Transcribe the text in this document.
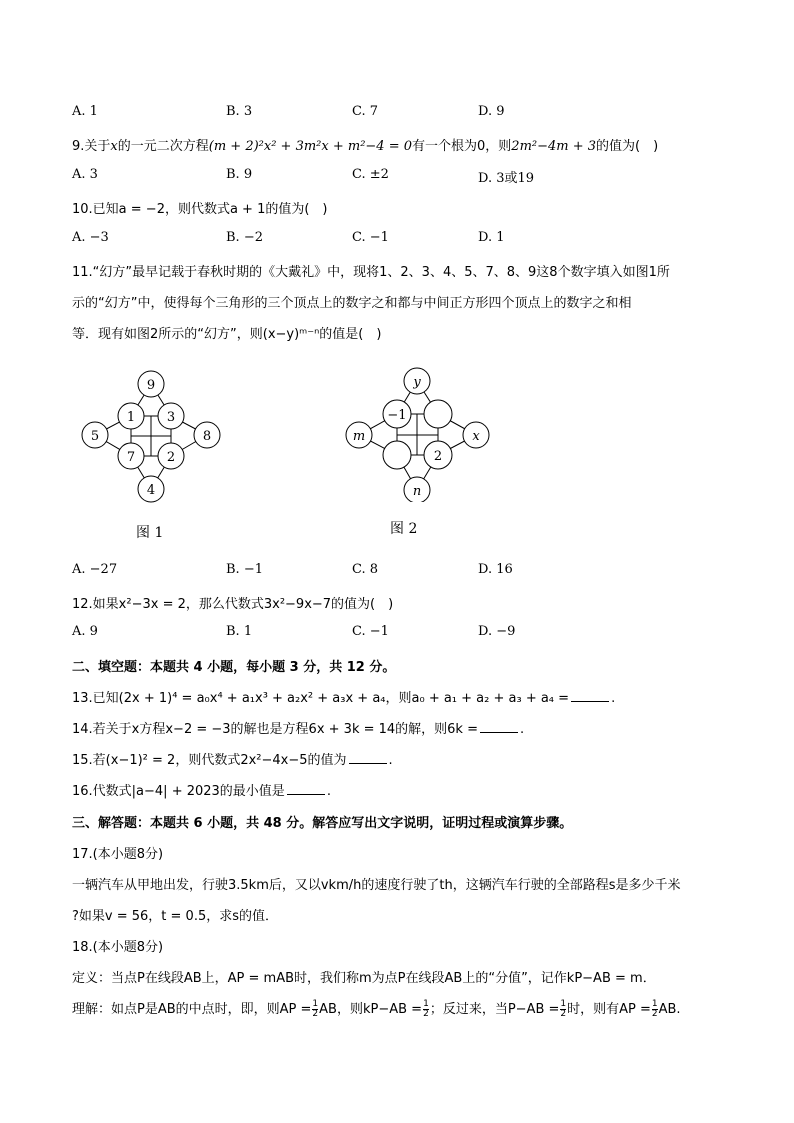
A. 1	B. 3	C. 7	D. 9
9.关于x的一元二次方程(m + 2)²x² + 3m²x + m²−4 = 0有一个根为0，则2m²−4m + 3的值为(　)
A. 3	B. 9	C. ±2	D. 3或19
10.已知a = −2，则代数式a + 1的值为(　)
A. −3	B. −2	C. −1	D. 1
11.“幻方”最早记载于春秋时期的《大戴礼》中，现将1、2、3、4、5、7、8、9这8个数字填入如图1所
示的“幻方”中，使得每个三角形的三个顶点上的数字之和都与中间正方形四个顶点上的数字之和相
等．现有如图2所示的“幻方”，则(x−y)ᵐ⁻ⁿ的值是(　)
9
1 3
5	8
7 2
4
图 1
y
−1
m	x
2
n
图 2
A. −27	B. −1	C. 8	D. 16
12.如果x²−3x = 2，那么代数式3x²−9x−7的值为(　)
A. 9	B. 1	C. −1	D. −9
二、填空题：本题共 4 小题，每小题 3 分，共 12 分。
13.已知(2x + 1)⁴ = a₀x⁴ + a₁x³ + a₂x² + a₃x + a₄，则a₀ + a₁ + a₂ + a₃ + a₄ =	.
14.若关于x方程x−2 = −3的解也是方程6x + 3k = 14的解，则6k =	.
15.若(x−1)² = 2，则代数式2x²−4x−5的值为	.
16.代数式|a−4| + 2023的最小值是	.
三、解答题：本题共 6 小题，共 48 分。解答应写出文字说明，证明过程或演算步骤。
17.(本小题8分)
一辆汽车从甲地出发，行驶3.5km后，又以vkm/h的速度行驶了th，这辆汽车行驶的全部路程s是多少千米
?如果v = 56，t = 0.5，求s的值．
18.(本小题8分)
定义：当点P在线段AB上，AP = mAB时，我们称m为点P在线段AB上的“分值”，记作kP−AB = m．
理解：如点P是AB的中点时，即，则AP = $\frac{1}{2}$ AB，则$kP-AB = \frac{1}{2}$ ；反过来，当$P-AB = \frac{1}{2}$ 时，则有AP = $\frac{1}{2}$ AB.
